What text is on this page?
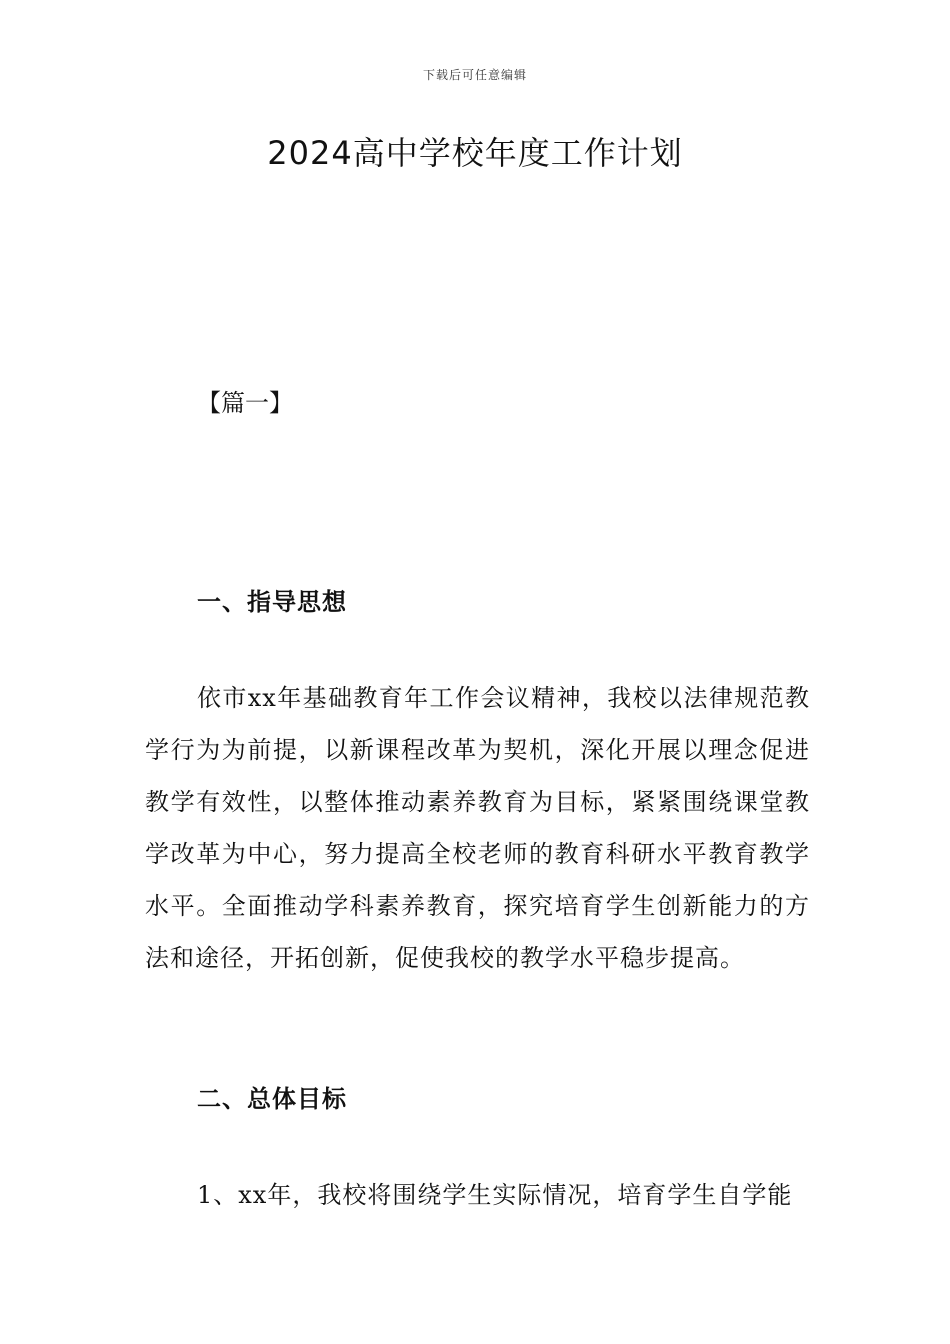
下载后可任意编辑
2024高中学校年度工作计划

【篇一】

一、指导思想

依市xx年基础教育年工作会议精神，我校以法律规范教学行为为前提，以新课程改革为契机，深化开展以理念促进教学有效性，以整体推动素养教育为目标，紧紧围绕课堂教学改革为中心，努力提高全校老师的教育科研水平教育教学水平。全面推动学科素养教育，探究培育学生创新能力的方法和途径，开拓创新，促使我校的教学水平稳步提高。

二、总体目标

1、xx年，我校将围绕学生实际情况，培育学生自学能
